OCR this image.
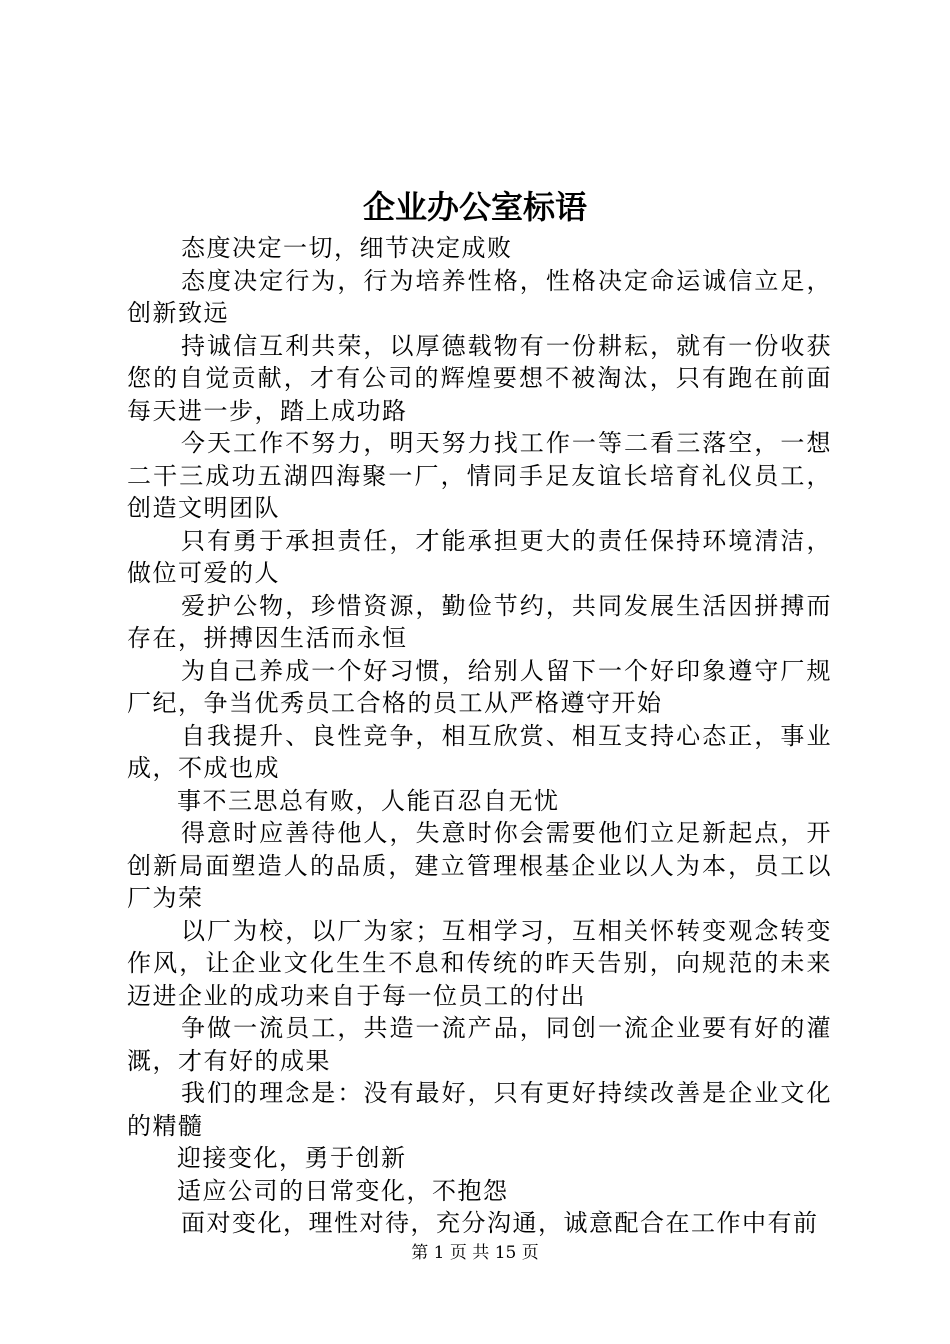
企业办公室标语

态度决定一切，细节决定成败

态度决定行为，行为培养性格，性格决定命运诚信立足，创新致远

持诚信互利共荣，以厚德载物有一份耕耘，就有一份收获您的自觉贡献，才有公司的辉煌要想不被淘汰，只有跑在前面每天进一步，踏上成功路

今天工作不努力，明天努力找工作一等二看三落空，一想二干三成功五湖四海聚一厂，情同手足友谊长培育礼仪员工，创造文明团队

只有勇于承担责任，才能承担更大的责任保持环境清洁，做位可爱的人

爱护公物，珍惜资源，勤俭节约，共同发展生活因拼搏而存在，拼搏因生活而永恒

为自己养成一个好习惯，给别人留下一个好印象遵守厂规厂纪，争当优秀员工合格的员工从严格遵守开始

自我提升、良性竞争，相互欣赏、相互支持心态正，事业成，不成也成

事不三思总有败，人能百忍自无忧

得意时应善待他人，失意时你会需要他们立足新起点，开创新局面塑造人的品质，建立管理根基企业以人为本，员工以厂为荣

以厂为校，以厂为家；互相学习，互相关怀转变观念转变作风，让企业文化生生不息和传统的昨天告别，向规范的未来迈进企业的成功来自于每一位员工的付出

争做一流员工，共造一流产品，同创一流企业要有好的灌溉，才有好的成果

我们的理念是：没有最好，只有更好持续改善是企业文化的精髓

迎接变化，勇于创新

适应公司的日常变化，不抱怨

面对变化，理性对待，充分沟通，诚意配合在工作中有前

第 1 页 共 15 页
